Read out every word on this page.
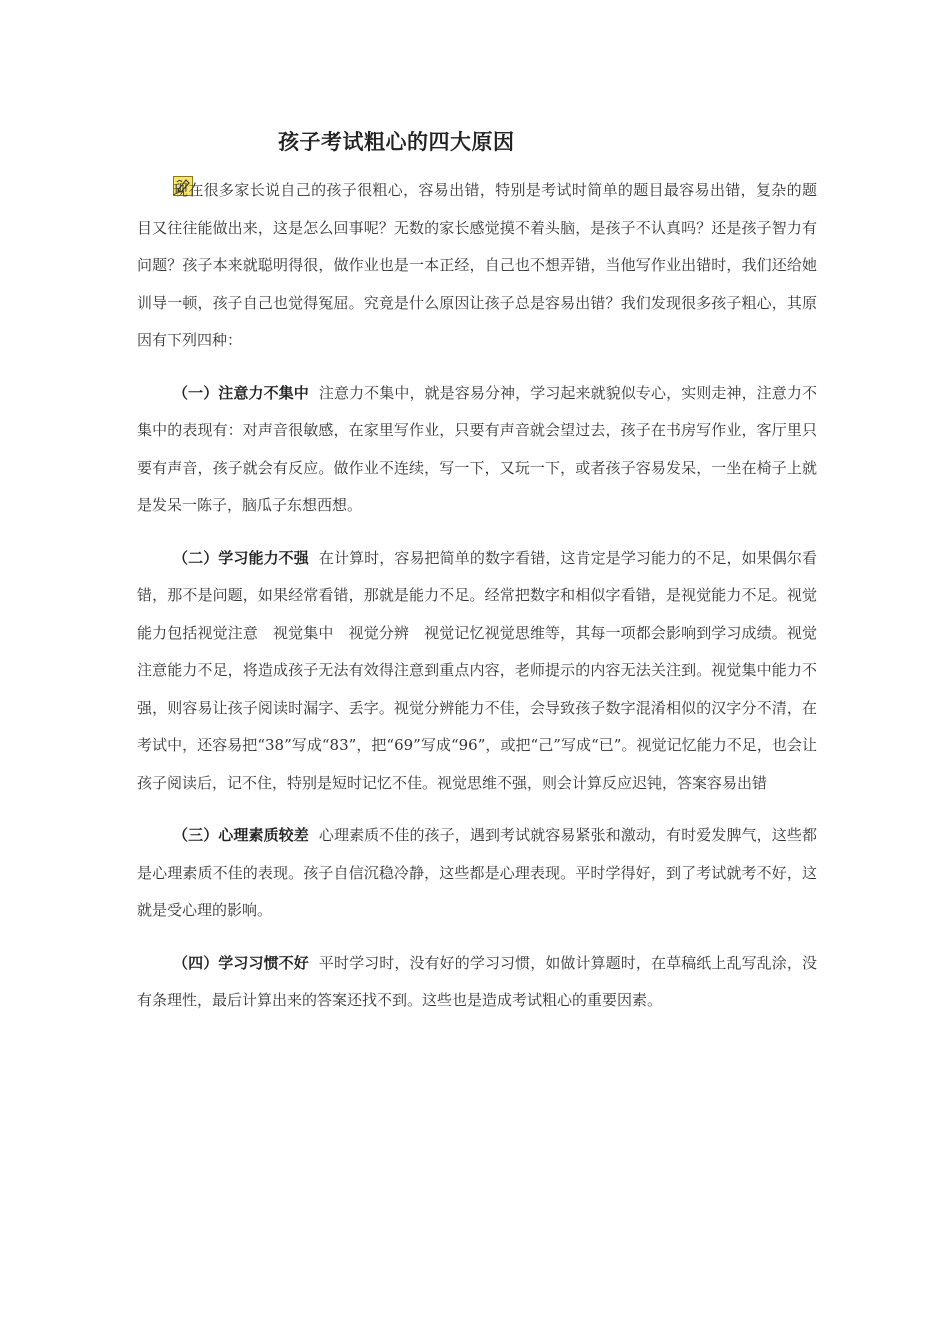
孩子考试粗心的四大原因

现在很多家长说自己的孩子很粗心，容易出错，特别是考试时简单的题目最容易出错，复杂的题目又往往能做出来，这是怎么回事呢？无数的家长感觉摸不着头脑，是孩子不认真吗？还是孩子智力有问题？孩子本来就聪明得很，做作业也是一本正经，自己也不想弄错，当他写作业出错时，我们还给她训导一顿，孩子自己也觉得冤屈。究竟是什么原因让孩子总是容易出错？我们发现很多孩子粗心，其原因有下列四种：

（一）注意力不集中 注意力不集中，就是容易分神，学习起来就貌似专心，实则走神，注意力不集中的表现有：对声音很敏感，在家里写作业，只要有声音就会望过去，孩子在书房写作业，客厅里只要有声音，孩子就会有反应。做作业不连续，写一下，又玩一下，或者孩子容易发呆，一坐在椅子上就是发呆一陈子，脑瓜子东想西想。

（二）学习能力不强 在计算时，容易把简单的数字看错，这肯定是学习能力的不足，如果偶尔看错，那不是问题，如果经常看错，那就是能力不足。经常把数字和相似字看错，是视觉能力不足。视觉能力包括视觉注意　视觉集中　视觉分辨　视觉记忆视觉思维等，其每一项都会影响到学习成绩。视觉注意能力不足，将造成孩子无法有效得注意到重点内容，老师提示的内容无法关注到。视觉集中能力不强，则容易让孩子阅读时漏字、丢字。视觉分辨能力不佳，会导致孩子数字混淆相似的汉字分不清，在考试中，还容易把“38”写成“83”，把“69”写成“96”，或把“己”写成“已”。视觉记忆能力不足，也会让孩子阅读后，记不住，特别是短时记忆不佳。视觉思维不强，则会计算反应迟钝，答案容易出错

（三）心理素质较差 心理素质不佳的孩子，遇到考试就容易紧张和激动，有时爱发脾气，这些都是心理素质不佳的表现。孩子自信沉稳冷静，这些都是心理表现。平时学得好，到了考试就考不好，这就是受心理的影响。

（四）学习习惯不好 平时学习时，没有好的学习习惯，如做计算题时，在草稿纸上乱写乱涂，没有条理性，最后计算出来的答案还找不到。这些也是造成考试粗心的重要因素。
